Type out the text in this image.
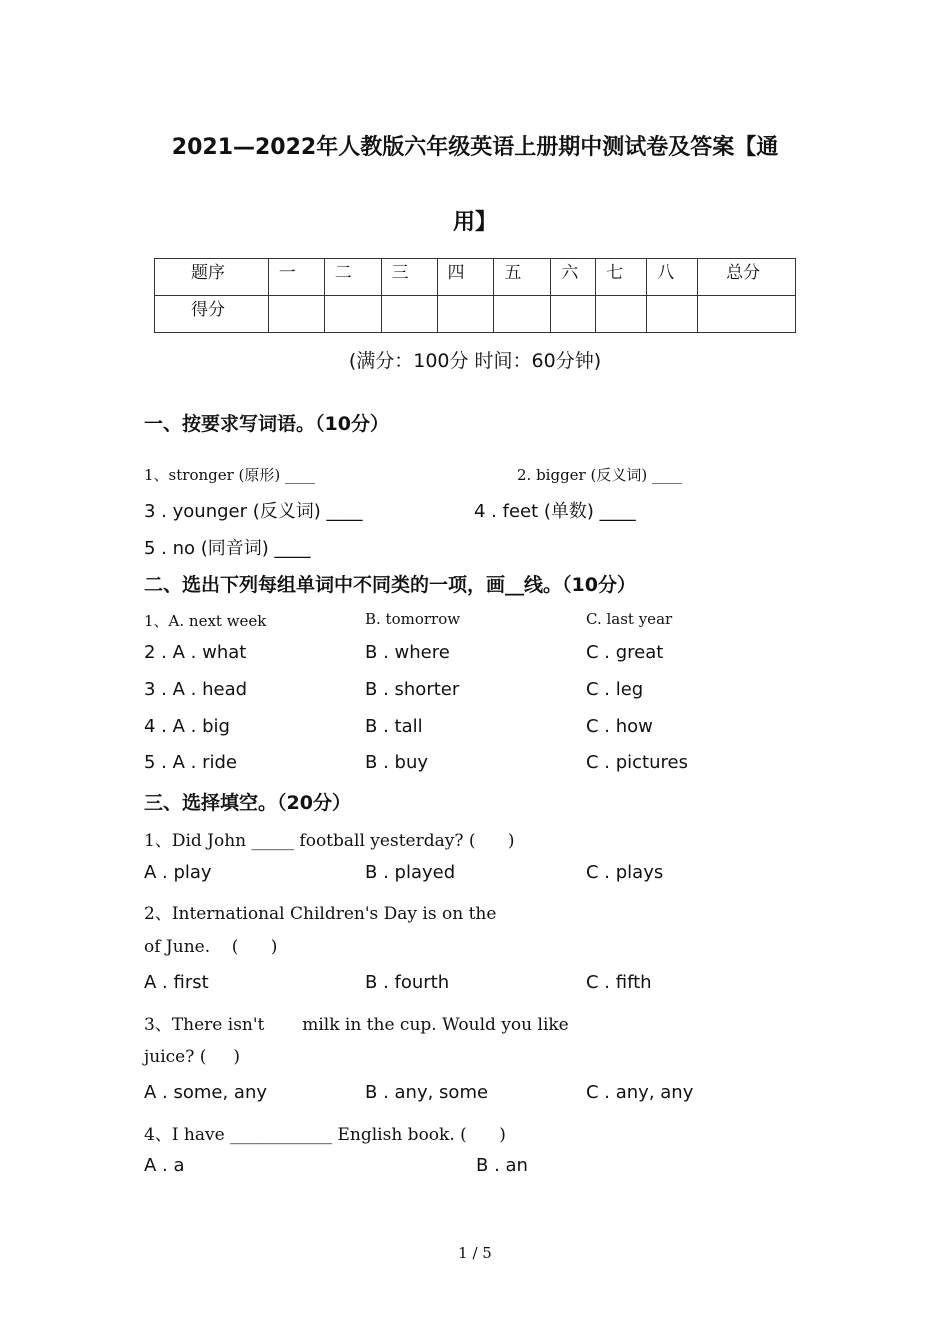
2021—2022年人教版六年级英语上册期中测试卷及答案【通
用】
题序	一	二	三	四	五	六	七	八	总分
得分									
(满分：100分 时间：60分钟)
一、按要求写词语。（10分）
1、stronger (原形) ____	2. bigger (反义词) ____
3 . younger (反义词) ____	4 . feet (单数) ____
5 . no (同音词) ____
二、选出下列每组单词中不同类的一项，画__线。（10分）
1、A. next week	B. tomorrow	C. last year
2 . A . what	B . where	C . great
3 . A . head	B . shorter	C . leg
4 . A . big	B . tall	C . how
5 . A . ride	B . buy	C . pictures
三、选择填空。（20分）
1、Did John _____ football yesterday? (      )
A . play	B . played	C . plays
2、International Children's Day is on the
of June.    (      )
A . first	B . fourth	C . fifth
3、There isn't       milk in the cup. Would you like
juice? (     )
A . some, any	B . any, some	C . any, any
4、I have ____________ English book. (      )
A . a	B . an
1 / 5
